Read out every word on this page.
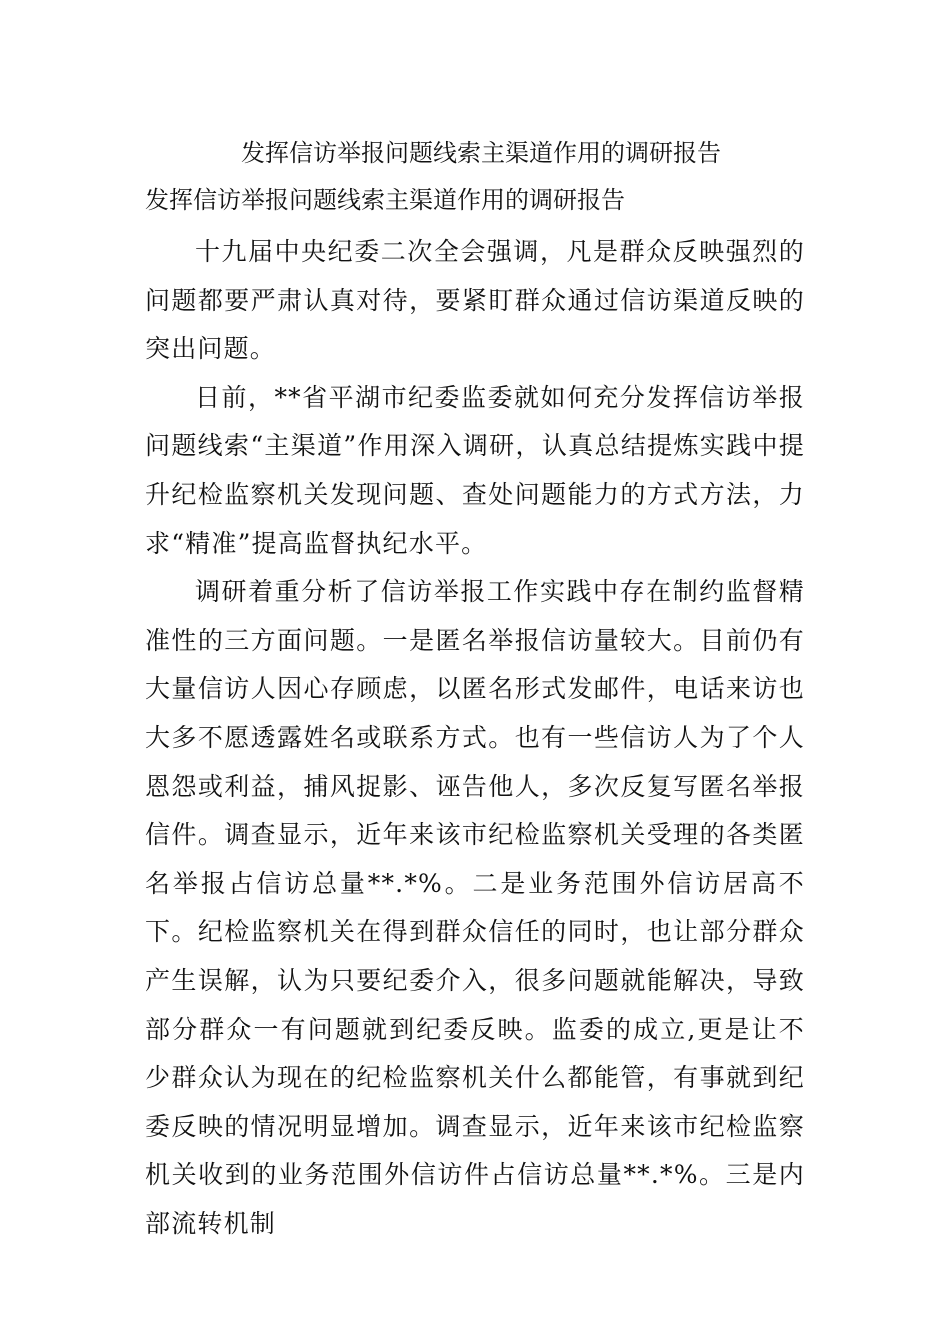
发挥信访举报问题线索主渠道作用的调研报告
发挥信访举报问题线索主渠道作用的调研报告

十九届中央纪委二次全会强调，凡是群众反映强烈的问题都要严肃认真对待，要紧盯群众通过信访渠道反映的突出问题。

日前，**省平湖市纪委监委就如何充分发挥信访举报问题线索“主渠道”作用深入调研，认真总结提炼实践中提升纪检监察机关发现问题、查处问题能力的方式方法，力求“精准”提高监督执纪水平。

调研着重分析了信访举报工作实践中存在制约监督精准性的三方面问题。一是匿名举报信访量较大。目前仍有大量信访人因心存顾虑，以匿名形式发邮件，电话来访也大多不愿透露姓名或联系方式。也有一些信访人为了个人恩怨或利益，捕风捉影、诬告他人，多次反复写匿名举报信件。调查显示，近年来该市纪检监察机关受理的各类匿名举报占信访总量**.*%。二是业务范围外信访居高不下。纪检监察机关在得到群众信任的同时，也让部分群众产生误解，认为只要纪委介入，很多问题就能解决，导致部分群众一有问题就到纪委反映。监委的成立,更是让不少群众认为现在的纪检监察机关什么都能管，有事就到纪委反映的情况明显增加。调查显示，近年来该市纪检监察机关收到的业务范围外信访件占信访总量**.*%。三是内部流转机制
